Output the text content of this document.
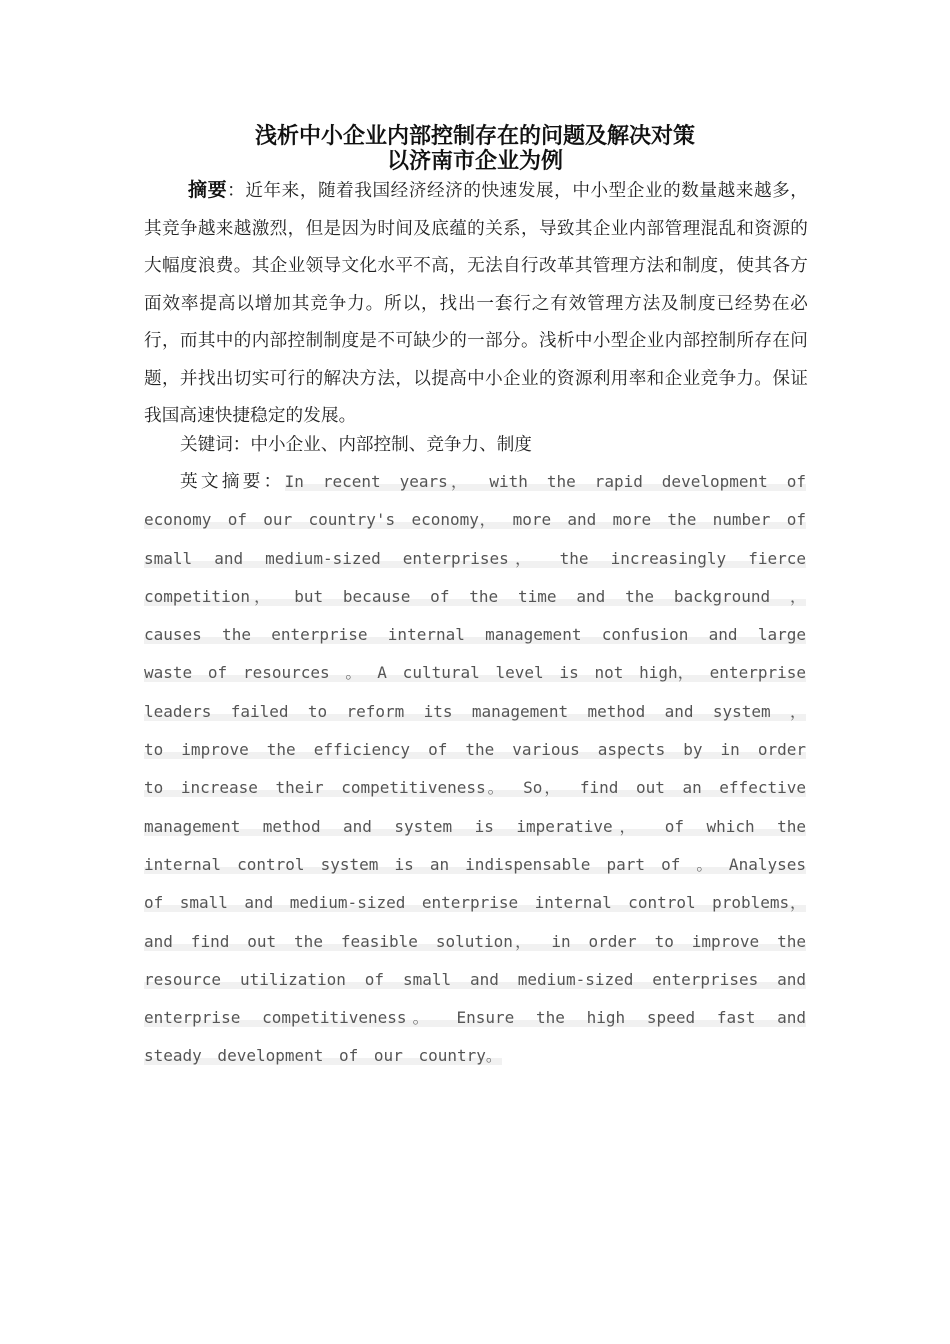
浅析中小企业内部控制存在的问题及解决对策
以济南市企业为例

摘要：近年来，随着我国经济经济的快速发展，中小型企业的数量越来越多，其竞争越来越激烈，但是因为时间及底蕴的关系，导致其企业内部管理混乱和资源的大幅度浪费。其企业领导文化水平不高，无法自行改革其管理方法和制度，使其各方面效率提高以增加其竞争力。所以，找出一套行之有效管理方法及制度已经势在必行，而其中的内部控制制度是不可缺少的一部分。浅析中小型企业内部控制所存在问题，并找出切实可行的解决方法，以提高中小企业的资源利用率和企业竞争力。保证我国高速快捷稳定的发展。

关键词：中小企业、内部控制、竞争力、制度

英文摘要：In recent years， with the rapid development of economy of our country's economy， more and more the number of small and medium-sized enterprises， the increasingly fierce competition， but because of the time and the background ， causes the enterprise internal management confusion and large waste of resources 。 A cultural level is not high， enterprise leaders failed to reform its management method and system ， to improve the efficiency of the various aspects by in order to increase their competitiveness。 So， find out an effective management method and system is imperative， of which the internal control system is an indispensable part of 。 Analyses of small and medium-sized enterprise internal control problems， and find out the feasible solution， in order to improve the resource utilization of small and medium-sized enterprises and enterprise competitiveness。 Ensure the high speed fast and steady development of our country。
